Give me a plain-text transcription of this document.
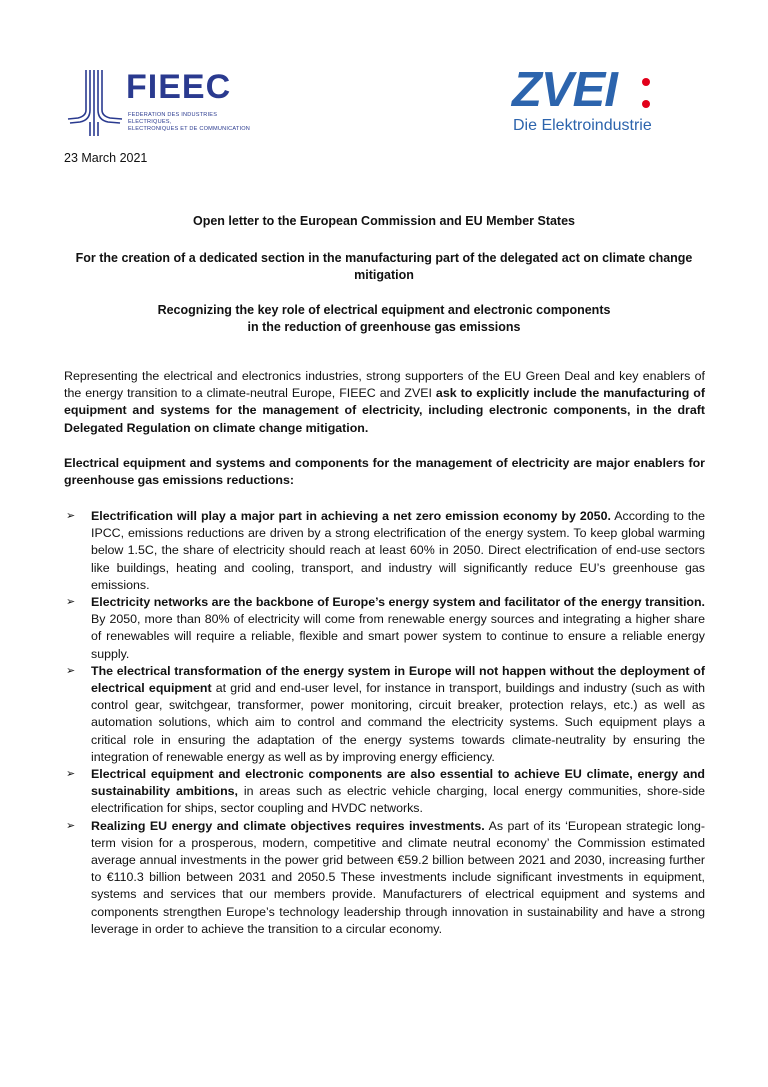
FIEEC
FEDERATION DES INDUSTRIES ELECTRIQUES,
ELECTRONIQUES ET DE COMMUNICATION
ZVEI
Die Elektroindustrie
23 March 2021
Open letter to the European Commission and EU Member States
For the creation of a dedicated section in the manufacturing part of the delegated act on climate change mitigation
Recognizing the key role of electrical equipment and electronic components
in the reduction of greenhouse gas emissions
Representing the electrical and electronics industries, strong supporters of the EU Green Deal and key enablers of the energy transition to a climate-neutral Europe, FIEEC and ZVEI ask to explicitly include the manufacturing of equipment and systems for the management of electricity, including electronic components, in the draft Delegated Regulation on climate change mitigation.
Electrical equipment and systems and components for the management of electricity are major enablers for greenhouse gas emissions reductions:
➢ Electrification will play a major part in achieving a net zero emission economy by 2050. According to the IPCC, emissions reductions are driven by a strong electrification of the energy system. To keep global warming below 1.5C, the share of electricity should reach at least 60% in 2050. Direct electrification of end-use sectors like buildings, heating and cooling, transport, and industry will significantly reduce EU’s greenhouse gas emissions.
➢ Electricity networks are the backbone of Europe’s energy system and facilitator of the energy transition. By 2050, more than 80% of electricity will come from renewable energy sources and integrating a higher share of renewables will require a reliable, flexible and smart power system to continue to ensure a reliable energy supply.
➢ The electrical transformation of the energy system in Europe will not happen without the deployment of electrical equipment at grid and end-user level, for instance in transport, buildings and industry (such as with control gear, switchgear, transformer, power monitoring, circuit breaker, protection relays, etc.) as well as automation solutions, which aim to control and command the electricity systems. Such equipment plays a critical role in ensuring the adaptation of the energy systems towards climate-neutrality by ensuring the integration of renewable energy as well as by improving energy efficiency.
➢ Electrical equipment and electronic components are also essential to achieve EU climate, energy and sustainability ambitions, in areas such as electric vehicle charging, local energy communities, shore-side electrification for ships, sector coupling and HVDC networks.
➢ Realizing EU energy and climate objectives requires investments. As part of its ‘European strategic long-term vision for a prosperous, modern, competitive and climate neutral economy’ the Commission estimated average annual investments in the power grid between €59.2 billion between 2021 and 2030, increasing further to €110.3 billion between 2031 and 2050.5 These investments include significant investments in equipment, systems and services that our members provide. Manufacturers of electrical equipment and systems and components strengthen Europe’s technology leadership through innovation in sustainability and have a strong leverage in order to achieve the transition to a circular economy.
